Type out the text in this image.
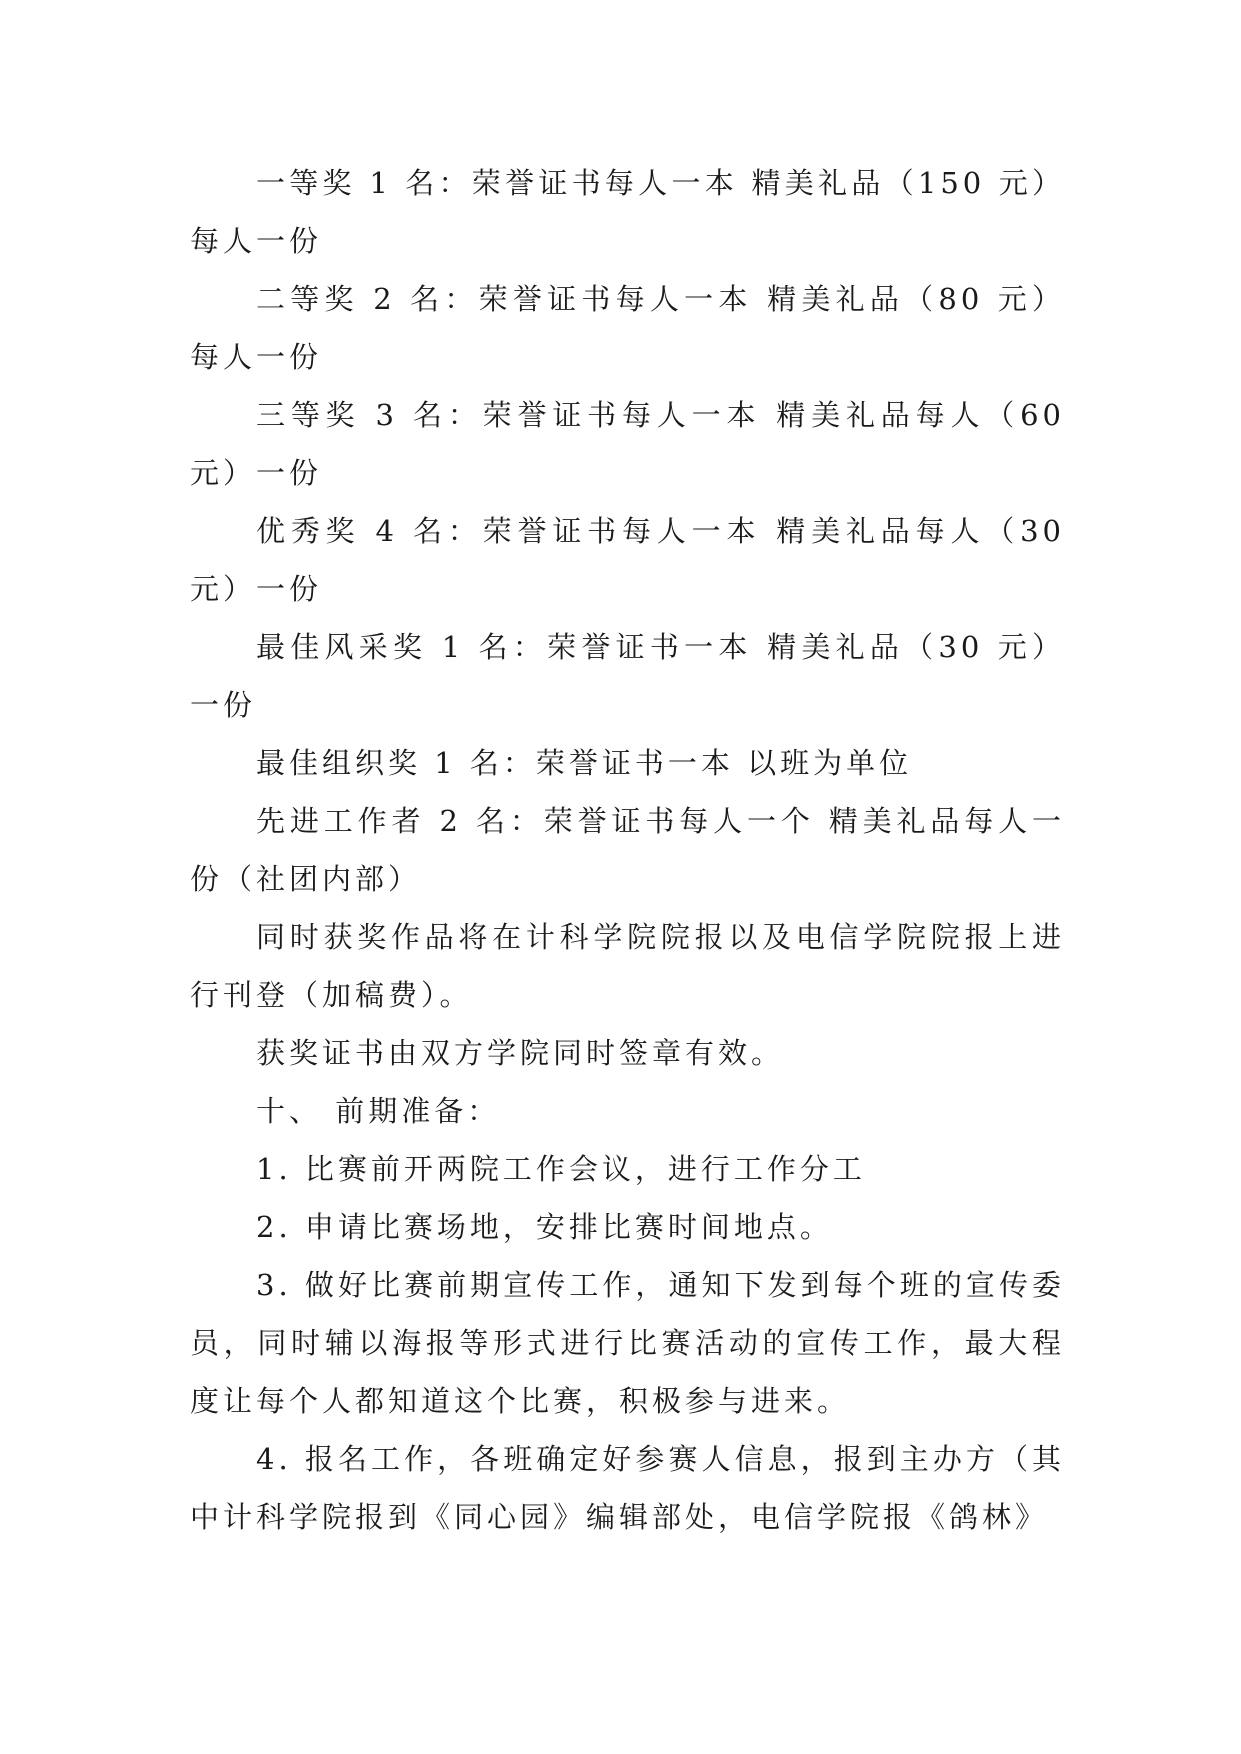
一等奖 1 名：荣誉证书每人一本 精美礼品（150 元）每人一份

二等奖 2 名：荣誉证书每人一本 精美礼品（80 元）每人一份

三等奖 3 名：荣誉证书每人一本 精美礼品每人（60 元）一份

优秀奖 4 名：荣誉证书每人一本 精美礼品每人（30 元）一份

最佳风采奖 1 名：荣誉证书一本 精美礼品（30 元）一份

最佳组织奖 1 名：荣誉证书一本 以班为单位

先进工作者 2 名：荣誉证书每人一个 精美礼品每人一份（社团内部）

同时获奖作品将在计科学院院报以及电信学院院报上进行刊登（加稿费）。

获奖证书由双方学院同时签章有效。

十、 前期准备：

1. 比赛前开两院工作会议，进行工作分工

2. 申请比赛场地，安排比赛时间地点。

3. 做好比赛前期宣传工作，通知下发到每个班的宣传委员，同时辅以海报等形式进行比赛活动的宣传工作，最大程度让每个人都知道这个比赛，积极参与进来。

4. 报名工作，各班确定好参赛人信息，报到主办方（其中计科学院报到《同心园》编辑部处，电信学院报《鸽林》
